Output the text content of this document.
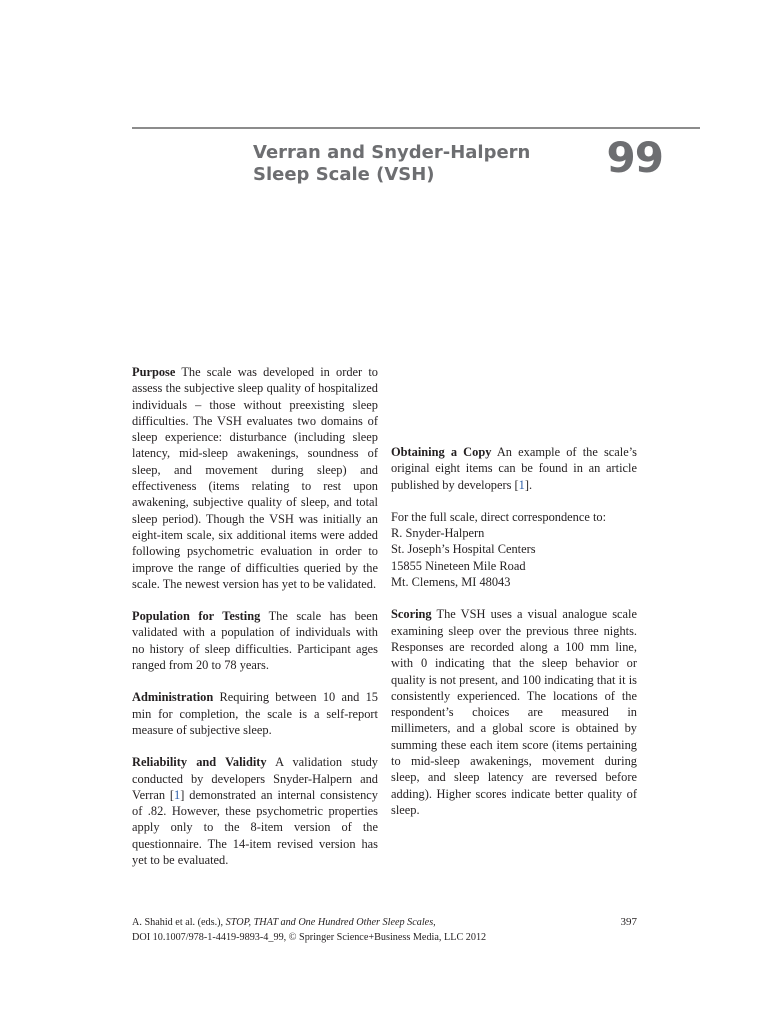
Verran and Snyder-Halpern Sleep Scale (VSH)	99

Purpose The scale was developed in order to assess the subjective sleep quality of hospitalized individuals – those without preexisting sleep difficulties. The VSH evaluates two domains of sleep experience: disturbance (including sleep latency, mid-sleep awakenings, soundness of sleep, and movement during sleep) and effectiveness (items relating to rest upon awakening, subjective quality of sleep, and total sleep period). Though the VSH was initially an eight-item scale, six additional items were added following psychometric evaluation in order to improve the range of difficulties queried by the scale. The newest version has yet to be validated.

Population for Testing The scale has been validated with a population of individuals with no history of sleep difficulties. Participant ages ranged from 20 to 78 years.

Administration Requiring between 10 and 15 min for completion, the scale is a self-report measure of subjective sleep.

Reliability and Validity A validation study conducted by developers Snyder-Halpern and Verran [1] demonstrated an internal consistency of .82. However, these psychometric properties apply only to the 8-item version of the questionnaire. The 14-item revised version has yet to be evaluated.

Obtaining a Copy An example of the scale’s original eight items can be found in an article published by developers [1].

For the full scale, direct correspondence to:
R. Snyder-Halpern
St. Joseph’s Hospital Centers
15855 Nineteen Mile Road
Mt. Clemens, MI 48043

Scoring The VSH uses a visual analogue scale examining sleep over the previous three nights. Responses are recorded along a 100 mm line, with 0 indicating that the sleep behavior or quality is not present, and 100 indicating that it is consistently experienced. The locations of the respondent’s choices are measured in millimeters, and a global score is obtained by summing these each item score (items pertaining to mid-sleep awakenings, movement during sleep, and sleep latency are reversed before adding). Higher scores indicate better quality of sleep.

A. Shahid et al. (eds.), STOP, THAT and One Hundred Other Sleep Scales,
DOI 10.1007/978-1-4419-9893-4_99, © Springer Science+Business Media, LLC 2012
397
